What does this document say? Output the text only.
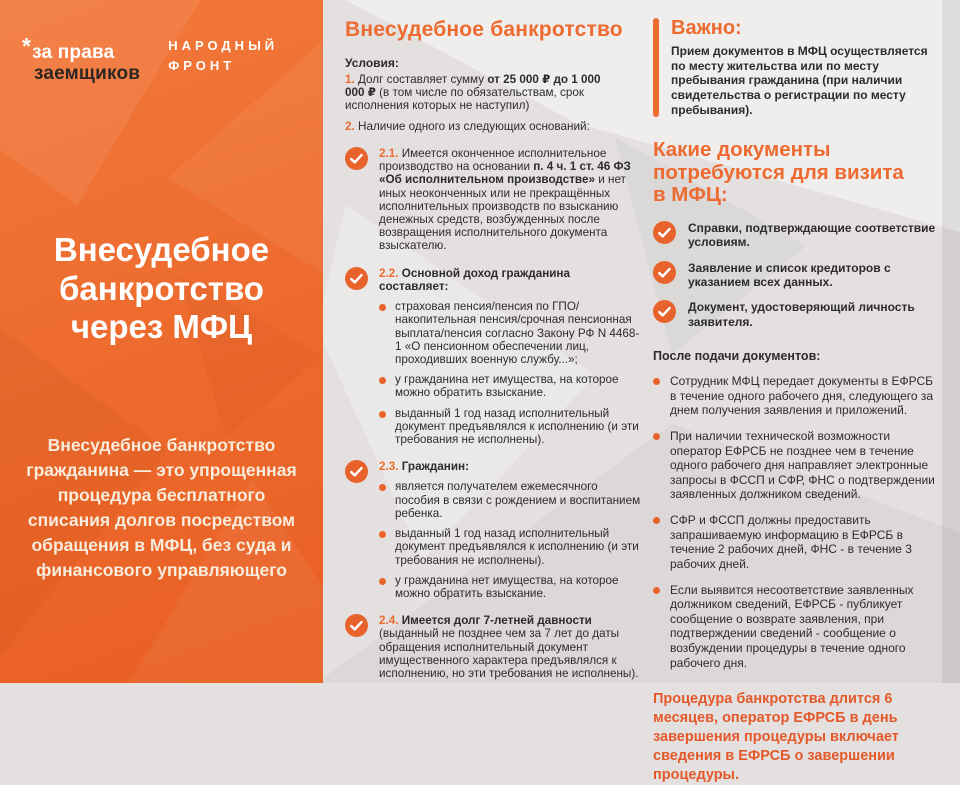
*за права
заемщиков
НАРОДНЫЙ
ФРОНТ
Внесудебное банкротство через МФЦ
Внесудебное банкротство гражданина — это упрощенная процедура бесплатного списания долгов посредством обращения в МФЦ, без суда и финансового управляющего
Внесудебное банкротство
Условия:
1. Долг составляет сумму от 25 000 ₽ до 1 000 000 ₽ (в том числе по обязательствам, срок исполнения которых не наступил)
2. Наличие одного из следующих оснований:
2.1. Имеется оконченное исполнительное производство на основании п. 4 ч. 1 ст. 46 ФЗ «Об исполнительном производстве» и нет иных неоконченных или не прекращённых исполнительных производств по взысканию денежных средств, возбужденных после возвращения исполнительного документа взыскателю.
2.2. Основной доход гражданина составляет:
страховая пенсия/пенсия по ГПО/накопительная пенсия/срочная пенсионная выплата/пенсия согласно Закону РФ N 4468-1 «О пенсионном обеспечении лиц, проходивших военную службу...»;
у гражданина нет имущества, на которое можно обратить взыскание.
выданный 1 год назад исполнительный документ предъявлялся к исполнению (и эти требования не исполнены).
2.3. Гражданин:
является получателем ежемесячного пособия в связи с рождением и воспитанием ребенка.
выданный 1 год назад исполнительный документ предъявлялся к исполнению (и эти требования не исполнены).
у гражданина нет имущества, на которое можно обратить взыскание.
2.4. Имеется долг 7-летней давности
(выданный не позднее чем за 7 лет до даты обращения исполнительный документ имущественного характера предъявлялся к исполнению, но эти требования не исполнены).
Важно:
Прием документов в МФЦ осуществляется по месту жительства или по месту пребывания гражданина (при наличии свидетельства о регистрации по месту пребывания).
Какие документы потребуются для визита в МФЦ:
Справки, подтверждающие соответствие условиям.
Заявление и список кредиторов с указанием всех данных.
Документ, удостоверяющий личность заявителя.
После подачи документов:
Сотрудник МФЦ передает документы в ЕФРСБ в течение одного рабочего дня, следующего за днем получения заявления и приложений.
При наличии технической возможности оператор ЕФРСБ не позднее чем в течение одного рабочего дня направляет электронные запросы в ФССП и СФР, ФНС о подтверждении заявленных должником сведений.
СФР и ФССП должны предоставить запрашиваемую информацию в ЕФРСБ в течение 2 рабочих дней, ФНС - в течение 3 рабочих дней.
Если выявится несоответствие заявленных должником сведений, ЕФРСБ - публикует сообщение о возврате заявления, при подтверждении сведений - сообщение о возбуждении процедуры в течение одного рабочего дня.
Процедура банкротства длится 6 месяцев, оператор ЕФРСБ в день завершения процедуры включает сведения в ЕФРСБ о завершении процедуры.
